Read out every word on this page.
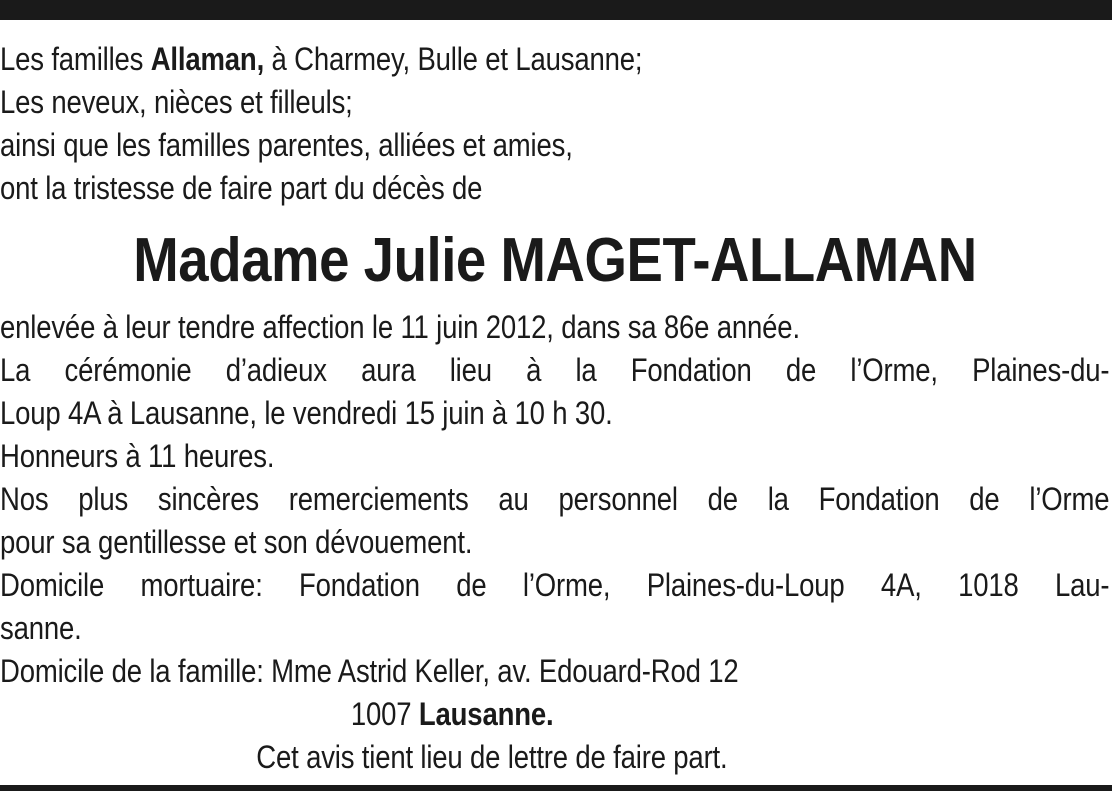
Les familles Allaman, à Charmey, Bulle et Lausanne;
Les neveux, nièces et filleuls;
ainsi que les familles parentes, alliées et amies,
ont la tristesse de faire part du décès de
Madame Julie MAGET-ALLAMAN
enlevée à leur tendre affection le 11 juin 2012, dans sa 86e année.
La cérémonie d’adieux aura lieu à la Fondation de l’Orme, Plaines-du-
Loup 4A à Lausanne, le vendredi 15 juin à 10 h 30.
Honneurs à 11 heures.
Nos plus sincères remerciements au personnel de la Fondation de l’Orme
pour sa gentillesse et son dévouement.
Domicile mortuaire: Fondation de l’Orme, Plaines-du-Loup 4A, 1018 Lau-
sanne.
Domicile de la famille: Mme Astrid Keller, av. Edouard-Rod 12
1007 Lausanne.
Cet avis tient lieu de lettre de faire part.
